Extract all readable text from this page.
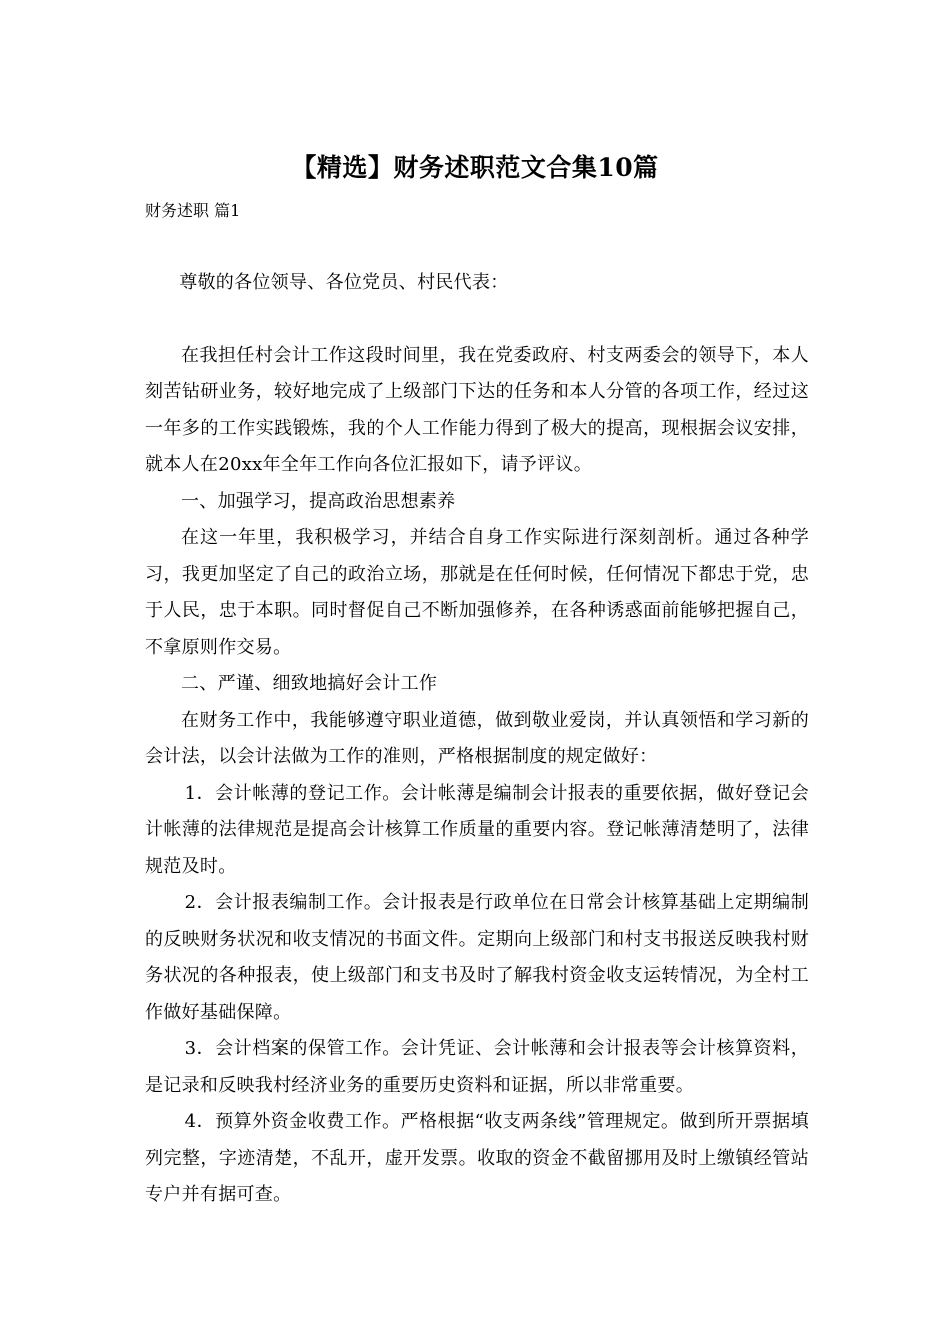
【精选】财务述职范文合集10篇
财务述职 篇1

尊敬的各位领导、各位党员、村民代表：

在我担任村会计工作这段时间里，我在党委政府、村支两委会的领导下，本人刻苦钻研业务，较好地完成了上级部门下达的任务和本人分管的各项工作，经过这一年多的工作实践锻炼，我的个人工作能力得到了极大的提高，现根据会议安排，就本人在20xx年全年工作向各位汇报如下，请予评议。

一、加强学习，提高政治思想素养

在这一年里，我积极学习，并结合自身工作实际进行深刻剖析。通过各种学习，我更加坚定了自己的政治立场，那就是在任何时候，任何情况下都忠于党，忠于人民，忠于本职。同时督促自己不断加强修养，在各种诱惑面前能够把握自己，不拿原则作交易。

二、严谨、细致地搞好会计工作

在财务工作中，我能够遵守职业道德，做到敬业爱岗，并认真领悟和学习新的会计法，以会计法做为工作的准则，严格根据制度的规定做好：

1．会计帐薄的登记工作。会计帐薄是编制会计报表的重要依据，做好登记会计帐薄的法律规范是提高会计核算工作质量的重要内容。登记帐薄清楚明了，法律规范及时。

2．会计报表编制工作。会计报表是行政单位在日常会计核算基础上定期编制的反映财务状况和收支情况的书面文件。定期向上级部门和村支书报送反映我村财务状况的各种报表，使上级部门和支书及时了解我村资金收支运转情况，为全村工作做好基础保障。

3．会计档案的保管工作。会计凭证、会计帐薄和会计报表等会计核算资料，是记录和反映我村经济业务的重要历史资料和证据，所以非常重要。

4．预算外资金收费工作。严格根据“收支两条线”管理规定。做到所开票据填列完整，字迹清楚，不乱开，虚开发票。收取的资金不截留挪用及时上缴镇经管站专户并有据可查。
